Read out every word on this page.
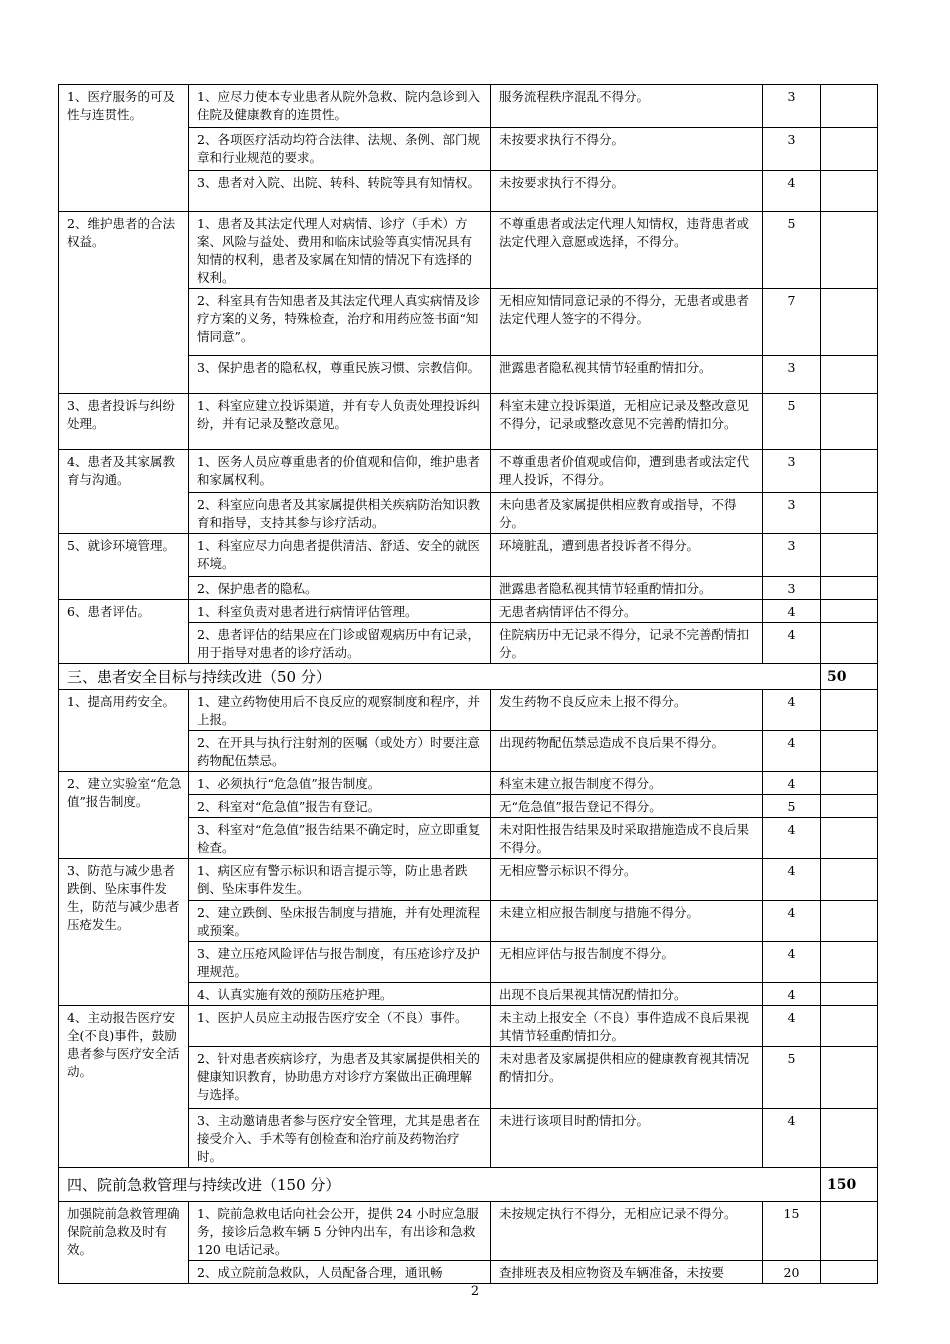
1、医疗服务的可及性与连贯性。	1、应尽力使本专业患者从院外急救、院内急诊到入住院及健康教育的连贯性。	服务流程秩序混乱不得分。	3	
	2、各项医疗活动均符合法律、法规、条例、部门规章和行业规范的要求。	未按要求执行不得分。	3	
	3、患者对入院、出院、转科、转院等具有知情权。	未按要求执行不得分。	4	
2、维护患者的合法权益。	1、患者及其法定代理人对病情、诊疗（手术）方案、风险与益处、费用和临床试验等真实情况具有知情的权利，患者及家属在知情的情况下有选择的权利。	不尊重患者或法定代理人知情权，违背患者或法定代理入意愿或选择，不得分。	5	
	2、科室具有告知患者及其法定代理人真实病情及诊疗方案的义务，特殊检查，治疗和用药应签书面“知情同意”。	无相应知情同意记录的不得分，无患者或患者法定代理人签字的不得分。	7	
	3、保护患者的隐私权，尊重民族习惯、宗教信仰。	泄露患者隐私视其情节轻重酌情扣分。	3	
3、患者投诉与纠纷处理。	1、科室应建立投诉渠道，并有专人负责处理投诉纠纷，并有记录及整改意见。	科室未建立投诉渠道，无相应记录及整改意见不得分，记录或整改意见不完善酌情扣分。	5	
4、患者及其家属教育与沟通。	1、医务人员应尊重患者的价值观和信仰，维护患者和家属权利。	不尊重患者价值观或信仰，遭到患者或法定代理人投诉，不得分。	3	
	2、科室应向患者及其家属提供相关疾病防治知识教育和指导，支持其参与诊疗活动。	未向患者及家属提供相应教育或指导，不得分。	3	
5、就诊环境管理。	1、科室应尽力向患者提供清洁、舒适、安全的就医环境。	环境脏乱，遭到患者投诉者不得分。	3	
	2、保护患者的隐私。	泄露患者隐私视其情节轻重酌情扣分。	3	
6、患者评估。	1、科室负责对患者进行病情评估管理。	无患者病情评估不得分。	4	
	2、患者评估的结果应在门诊或留观病历中有记录，用于指导对患者的诊疗活动。	住院病历中无记录不得分，记录不完善酌情扣分。	4	
三、患者安全目标与持续改进（50 分）				50
1、提高用药安全。	1、建立药物使用后不良反应的观察制度和程序，并上报。	发生药物不良反应未上报不得分。	4	
	2、在开具与执行注射剂的医嘱（或处方）时要注意药物配伍禁忌。	出现药物配伍禁忌造成不良后果不得分。	4	
2、建立实验室“危急值”报告制度。	1、必须执行“危急值”报告制度。	科室未建立报告制度不得分。	4	
	2、科室对“危急值”报告有登记。	无“危急值”报告登记不得分。	5	
	3、科室对“危急值”报告结果不确定时，应立即重复检查。	未对阳性报告结果及时采取措施造成不良后果不得分。	4	
3、防范与减少患者跌倒、坠床事件发生，防范与减少患者压疮发生。	1、病区应有警示标识和语言提示等，防止患者跌倒、坠床事件发生。	无相应警示标识不得分。	4	
	2、建立跌倒、坠床报告制度与措施，并有处理流程或预案。	未建立相应报告制度与措施不得分。	4	
	3、建立压疮风险评估与报告制度，有压疮诊疗及护理规范。	无相应评估与报告制度不得分。	4	
	4、认真实施有效的预防压疮护理。	出现不良后果视其情况酌情扣分。	4	
4、主动报告医疗安全(不良)事件，鼓励患者参与医疗安全活动。	1、医护人员应主动报告医疗安全（不良）事件。	未主动上报安全（不良）事件造成不良后果视其情节轻重酌情扣分。	4	
	2、针对患者疾病诊疗，为患者及其家属提供相关的健康知识教育，协助患方对诊疗方案做出正确理解与选择。	未对患者及家属提供相应的健康教育视其情况酌情扣分。	5	
	3、主动邀请患者参与医疗安全管理，尤其是患者在接受介入、手术等有创检查和治疗前及药物治疗时。	未进行该项目时酌情扣分。	4	
四、院前急救管理与持续改进（150 分）				150
加强院前急救管理确保院前急救及时有效。	1、院前急救电话向社会公开，提供 24 小时应急服务，接诊后急救车辆 5 分钟内出车，有出诊和急救 120 电话记录。	未按规定执行不得分，无相应记录不得分。	15	
	2、成立院前急救队，人员配备合理，通讯畅	查排班表及相应物资及车辆准备，未按要	20	
2
